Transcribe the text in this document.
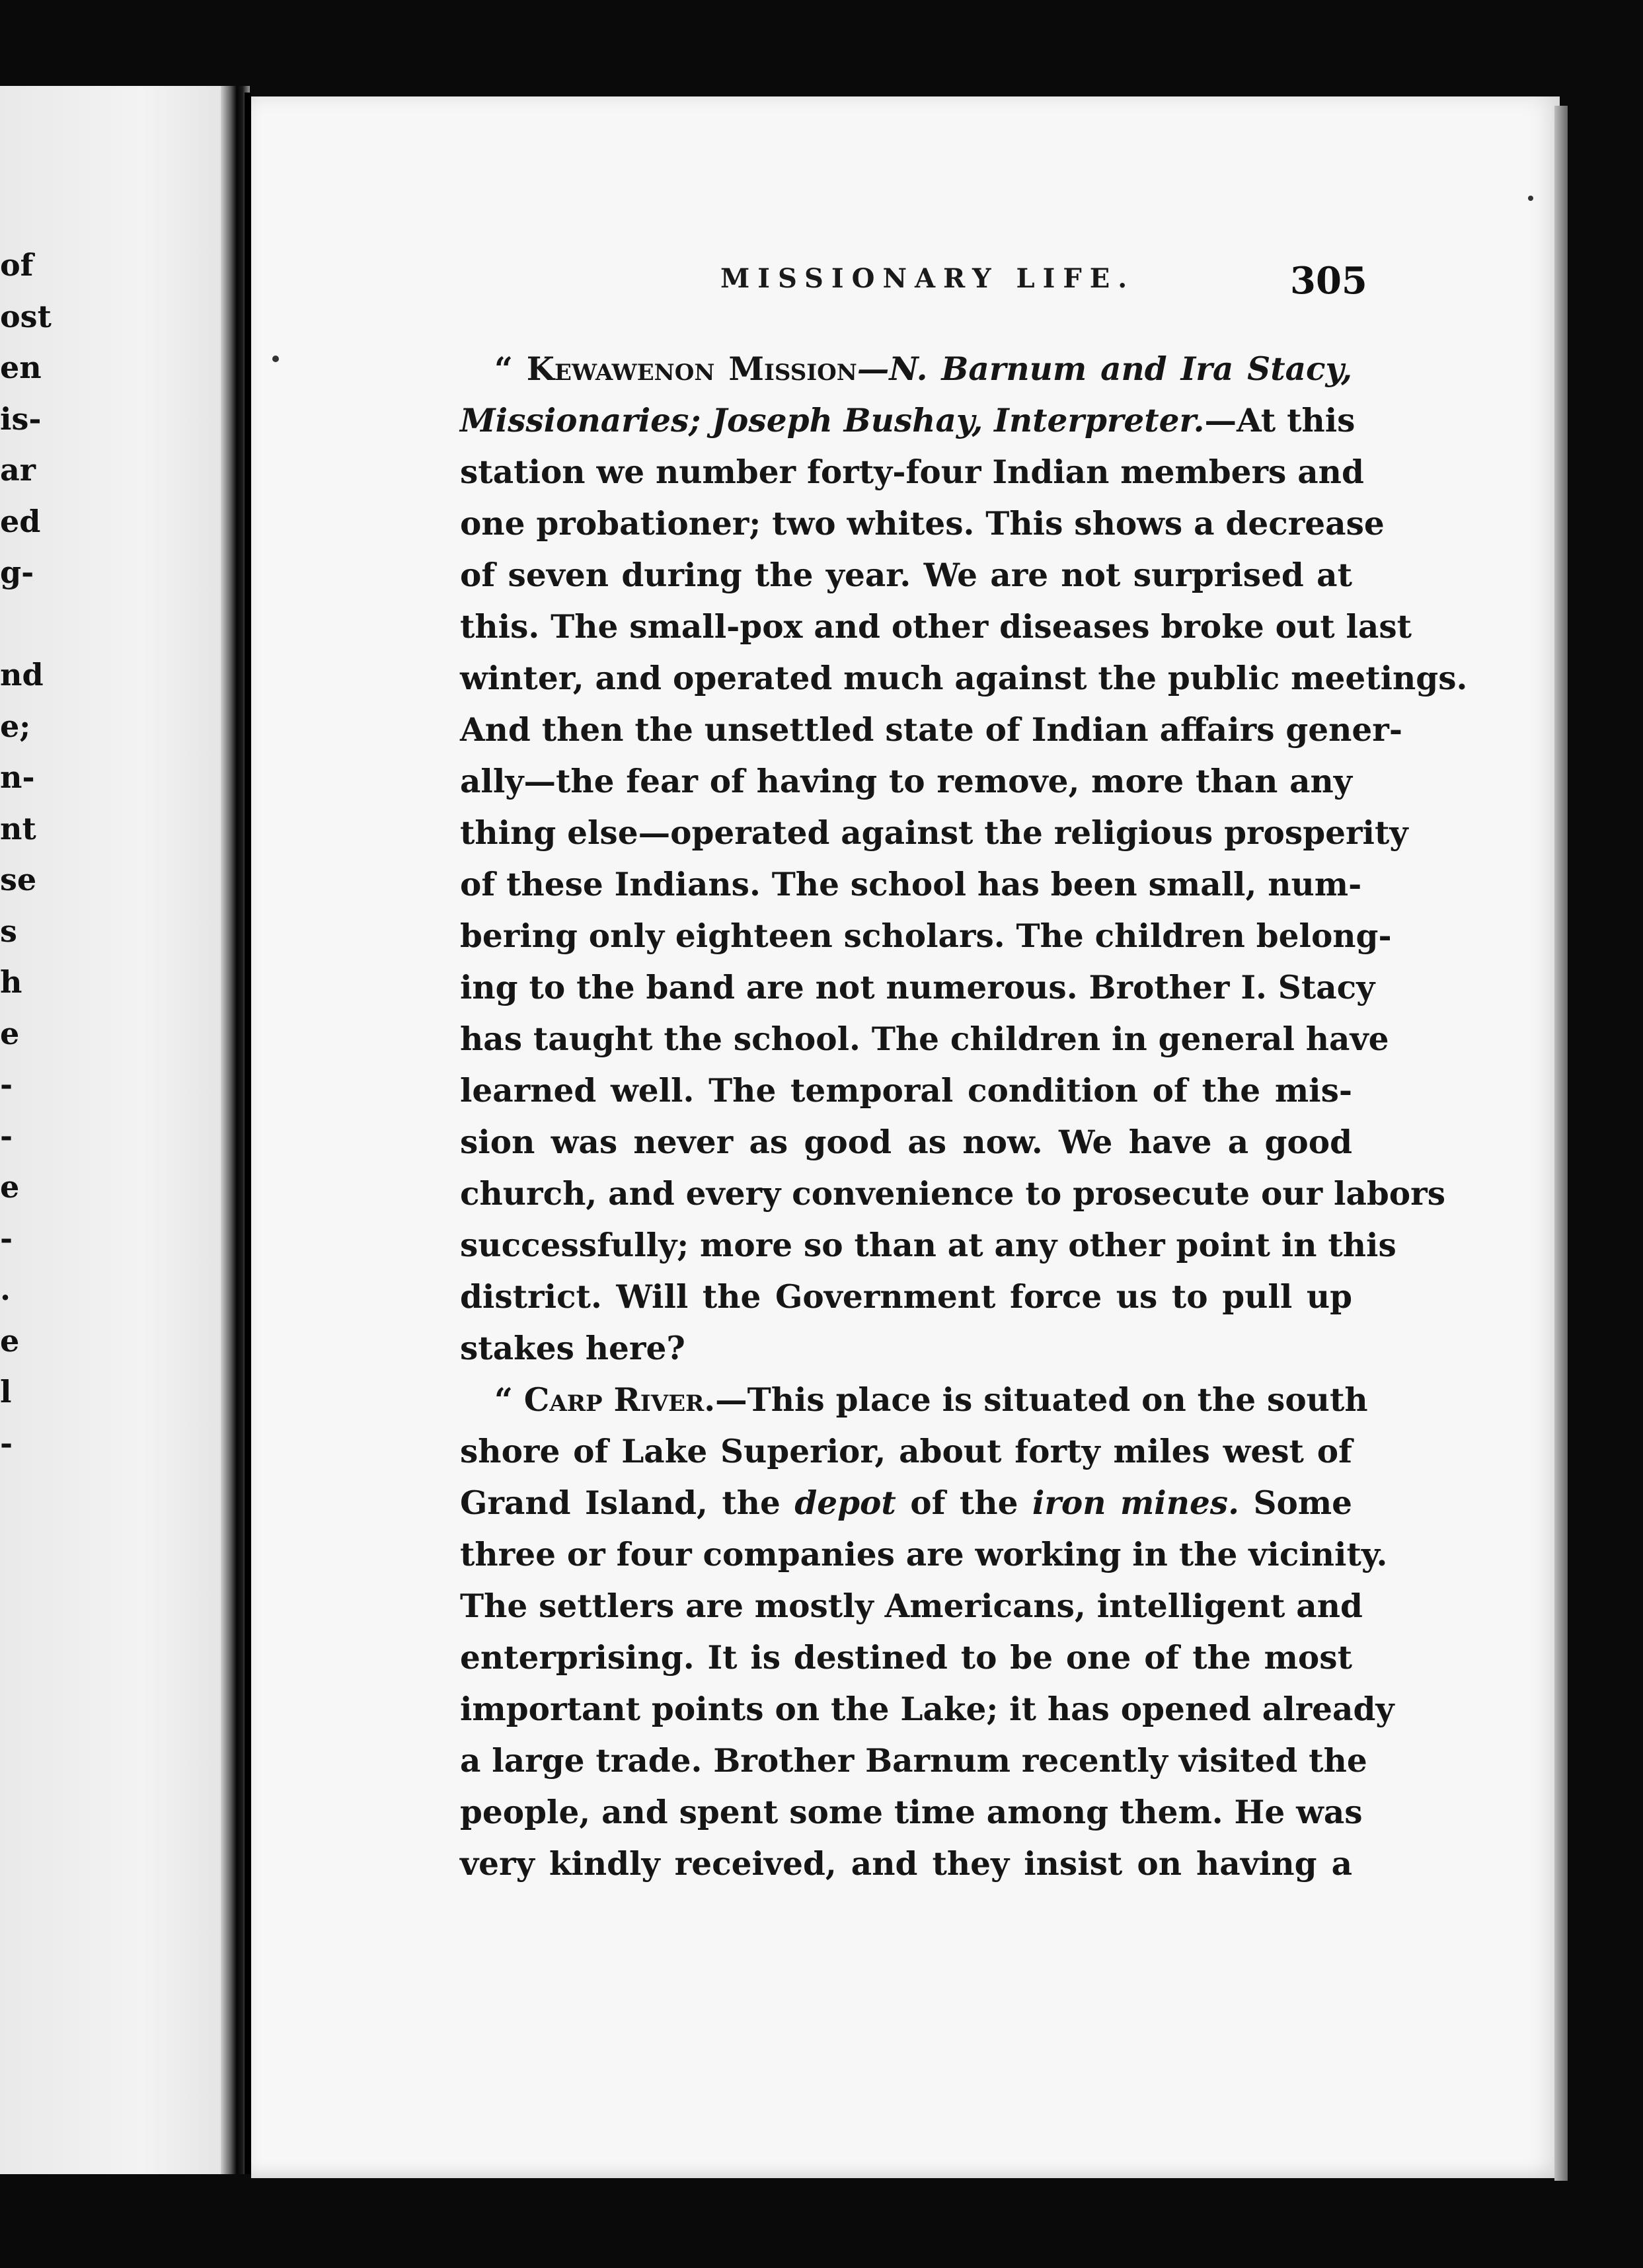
of
ost
en
is-
ar
ed
g-
nd
e;
n-
nt
se
s
h
e
-
-
e
-
.
e
l
-
MISSIONARY LIFE.	305
“ Kewawenon Mission—N. Barnum and Ira Stacy,
Missionaries; Joseph Bushay, Interpreter.—At this
station we number forty-four Indian members and
one probationer; two whites. This shows a decrease
of seven during the year. We are not surprised at
this. The small-pox and other diseases broke out last
winter, and operated much against the public meetings.
And then the unsettled state of Indian affairs gener-
ally—the fear of having to remove, more than any
thing else—operated against the religious prosperity
of these Indians. The school has been small, num-
bering only eighteen scholars. The children belong-
ing to the band are not numerous. Brother I. Stacy
has taught the school. The children in general have
learned well. The temporal condition of the mis-
sion was never as good as now. We have a good
church, and every convenience to prosecute our labors
successfully; more so than at any other point in this
district. Will the Government force us to pull up
stakes here?
“ Carp River.—This place is situated on the south
shore of Lake Superior, about forty miles west of
Grand Island, the depot of the iron mines. Some
three or four companies are working in the vicinity.
The settlers are mostly Americans, intelligent and
enterprising. It is destined to be one of the most
important points on the Lake; it has opened already
a large trade. Brother Barnum recently visited the
people, and spent some time among them. He was
very kindly received, and they insist on having a
